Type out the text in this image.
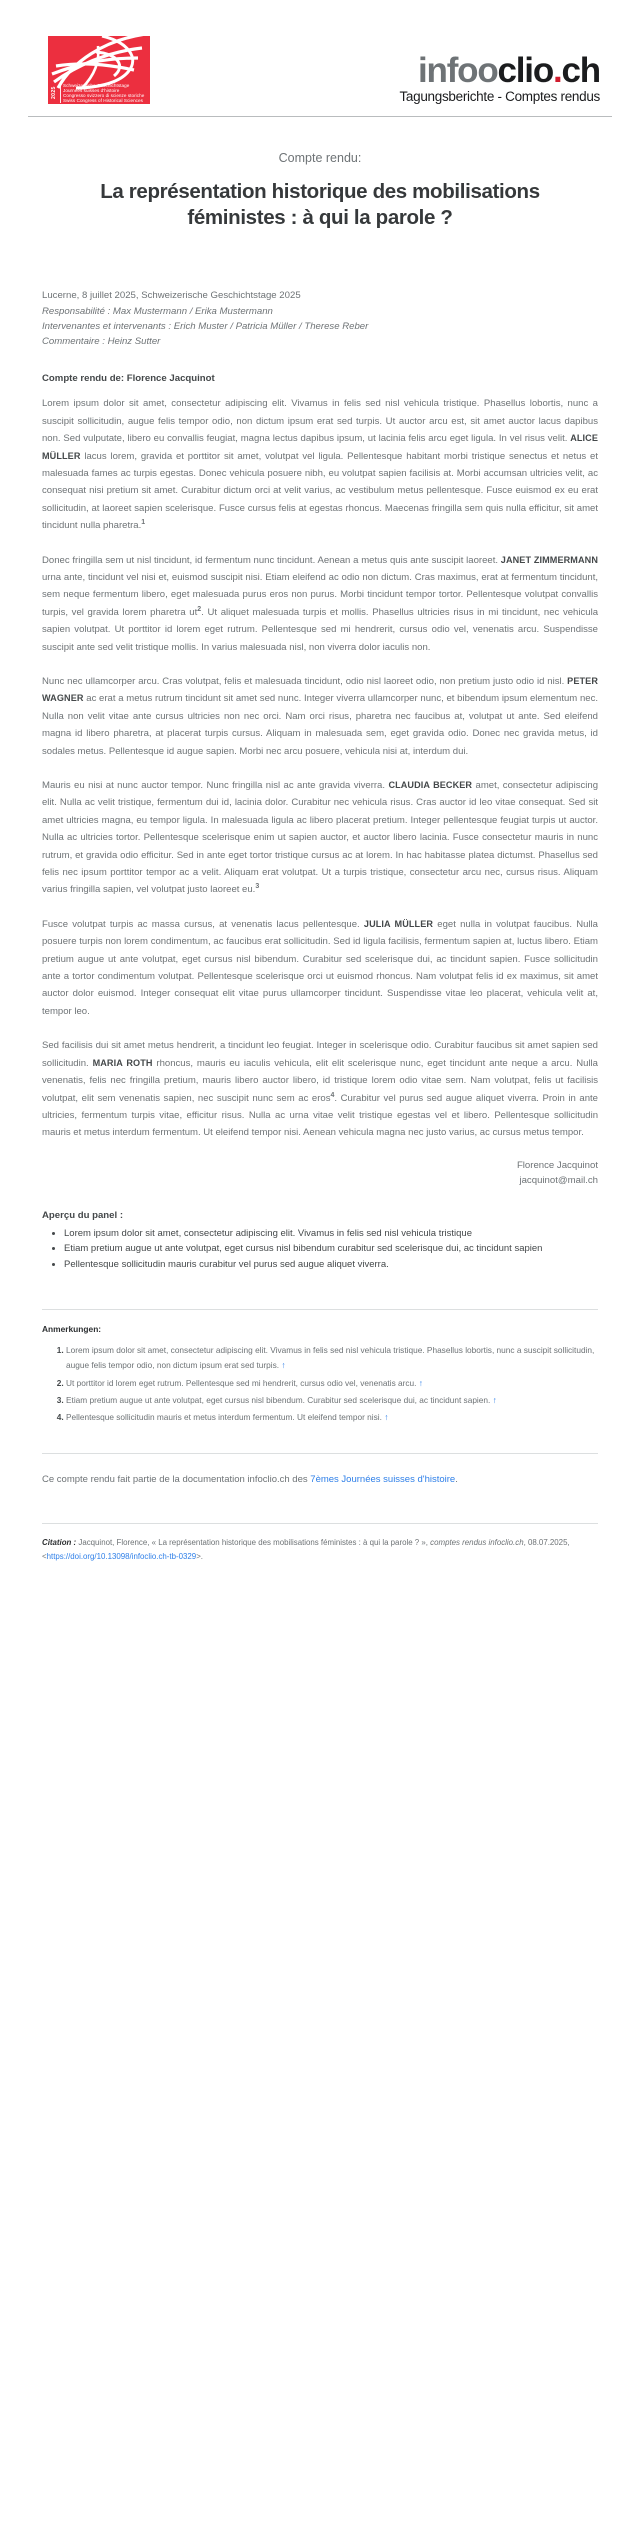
2025
Schweizerische Geschichtstage
Journées suisses d'histoire
Congresso svizzero di scienze storiche
Swiss Congress of Historical Sciences
infooclio.ch
Tagungsberichte - Comptes rendus
Compte rendu:
La représentation historique des mobilisations féministes : à qui la parole ?
Lucerne, 8 juillet 2025, Schweizerische Geschichtstage 2025
Responsabilité : Max Mustermann / Erika Mustermann
Intervenantes et intervenants : Erich Muster / Patricia Müller / Therese Reber
Commentaire : Heinz Sutter
Compte rendu de: Florence Jacquinot

Lorem ipsum dolor sit amet, consectetur adipiscing elit. Vivamus in felis sed nisl vehicula tristique. Phasellus lobortis, nunc a suscipit sollicitudin, augue felis tempor odio, non dictum ipsum erat sed turpis. Ut auctor arcu est, sit amet auctor lacus dapibus non. Sed vulputate, libero eu convallis feugiat, magna lectus dapibus ipsum, ut lacinia felis arcu eget ligula. In vel risus velit. ALICE MÜLLER lacus lorem, gravida et porttitor sit amet, volutpat vel ligula. Pellentesque habitant morbi tristique senectus et netus et malesuada fames ac turpis egestas. Donec vehicula posuere nibh, eu volutpat sapien facilisis at. Morbi accumsan ultricies velit, ac consequat nisi pretium sit amet. Curabitur dictum orci at velit varius, ac vestibulum metus pellentesque. Fusce euismod ex eu erat sollicitudin, at laoreet sapien scelerisque. Fusce cursus felis at egestas rhoncus. Maecenas fringilla sem quis nulla efficitur, sit amet tincidunt nulla pharetra.$^1$

Donec fringilla sem ut nisl tincidunt, id fermentum nunc tincidunt. Aenean a metus quis ante suscipit laoreet. JANET ZIMMERMANN urna ante, tincidunt vel nisi et, euismod suscipit nisi. Etiam eleifend ac odio non dictum. Cras maximus, erat at fermentum tincidunt, sem neque fermentum libero, eget malesuada purus eros non purus. Morbi tincidunt tempor tortor. Pellentesque volutpat convallis turpis, vel gravida lorem pharetra ut$^2$. Ut aliquet malesuada turpis et mollis. Phasellus ultricies risus in mi tincidunt, nec vehicula sapien volutpat. Ut porttitor id lorem eget rutrum. Pellentesque sed mi hendrerit, cursus odio vel, venenatis arcu. Suspendisse suscipit ante sed velit tristique mollis. In varius malesuada nisl, non viverra dolor iaculis non.

Nunc nec ullamcorper arcu. Cras volutpat, felis et malesuada tincidunt, odio nisl laoreet odio, non pretium justo odio id nisl. PETER WAGNER ac erat a metus rutrum tincidunt sit amet sed nunc. Integer viverra ullamcorper nunc, et bibendum ipsum elementum nec. Nulla non velit vitae ante cursus ultricies non nec orci. Nam orci risus, pharetra nec faucibus at, volutpat ut ante. Sed eleifend magna id libero pharetra, at placerat turpis cursus. Aliquam in malesuada sem, eget gravida odio. Donec nec gravida metus, id sodales metus. Pellentesque id augue sapien. Morbi nec arcu posuere, vehicula nisi at, interdum dui.

Mauris eu nisi at nunc auctor tempor. Nunc fringilla nisl ac ante gravida viverra. CLAUDIA BECKER amet, consectetur adipiscing elit. Nulla ac velit tristique, fermentum dui id, lacinia dolor. Curabitur nec vehicula risus. Cras auctor id leo vitae consequat. Sed sit amet ultricies magna, eu tempor ligula. In malesuada ligula ac libero placerat pretium. Integer pellentesque feugiat turpis ut auctor. Nulla ac ultricies tortor. Pellentesque scelerisque enim ut sapien auctor, et auctor libero lacinia. Fusce consectetur mauris in nunc rutrum, et gravida odio efficitur. Sed in ante eget tortor tristique cursus ac at lorem. In hac habitasse platea dictumst. Phasellus sed felis nec ipsum porttitor tempor ac a velit. Aliquam erat volutpat. Ut a turpis tristique, consectetur arcu nec, cursus risus. Aliquam varius fringilla sapien, vel volutpat justo laoreet eu.$^3$

Fusce volutpat turpis ac massa cursus, at venenatis lacus pellentesque. JULIA MÜLLER eget nulla in volutpat faucibus. Nulla posuere turpis non lorem condimentum, ac faucibus erat sollicitudin. Sed id ligula facilisis, fermentum sapien at, luctus libero. Etiam pretium augue ut ante volutpat, eget cursus nisl bibendum. Curabitur sed scelerisque dui, ac tincidunt sapien. Fusce sollicitudin ante a tortor condimentum volutpat. Pellentesque scelerisque orci ut euismod rhoncus. Nam volutpat felis id ex maximus, sit amet auctor dolor euismod. Integer consequat elit vitae purus ullamcorper tincidunt. Suspendisse vitae leo placerat, vehicula velit at, tempor leo.

Sed facilisis dui sit amet metus hendrerit, a tincidunt leo feugiat. Integer in scelerisque odio. Curabitur faucibus sit amet sapien sed sollicitudin. MARIA ROTH rhoncus, mauris eu iaculis vehicula, elit elit scelerisque nunc, eget tincidunt ante neque a arcu. Nulla venenatis, felis nec fringilla pretium, mauris libero auctor libero, id tristique lorem odio vitae sem. Nam volutpat, felis ut facilisis volutpat, elit sem venenatis sapien, nec suscipit nunc sem ac eros$^4$. Curabitur vel purus sed augue aliquet viverra. Proin in ante ultricies, fermentum turpis vitae, efficitur risus. Nulla ac urna vitae velit tristique egestas vel et libero. Pellentesque sollicitudin mauris et metus interdum fermentum. Ut eleifend tempor nisi. Aenean vehicula magna nec justo varius, ac cursus metus tempor.

Florence Jacquinot
jacquinot@mail.ch
Aperçu du panel :
• Lorem ipsum dolor sit amet, consectetur adipiscing elit. Vivamus in felis sed nisl vehicula tristique
• Etiam pretium augue ut ante volutpat, eget cursus nisl bibendum curabitur sed scelerisque dui, ac tincidunt sapien
• Pellentesque sollicitudin mauris curabitur vel purus sed augue aliquet viverra.
Anmerkungen:
1. Lorem ipsum dolor sit amet, consectetur adipiscing elit. Vivamus in felis sed nisl vehicula tristique. Phasellus lobortis, nunc a suscipit sollicitudin, augue felis tempor odio, non dictum ipsum erat sed turpis. ↑
2. Ut porttitor id lorem eget rutrum. Pellentesque sed mi hendrerit, cursus odio vel, venenatis arcu. ↑
3. Etiam pretium augue ut ante volutpat, eget cursus nisl bibendum. Curabitur sed scelerisque dui, ac tincidunt sapien. ↑
4. Pellentesque sollicitudin mauris et metus interdum fermentum. Ut eleifend tempor nisi. ↑
Ce compte rendu fait partie de la documentation infoclio.ch des 7èmes Journées suisses d'histoire.
Citation : Jacquinot, Florence, « La représentation historique des mobilisations féministes : à qui la parole ? », comptes rendus infoclio.ch, 08.07.2025, <https://doi.org/10.13098/infoclio.ch-tb-0329>.
